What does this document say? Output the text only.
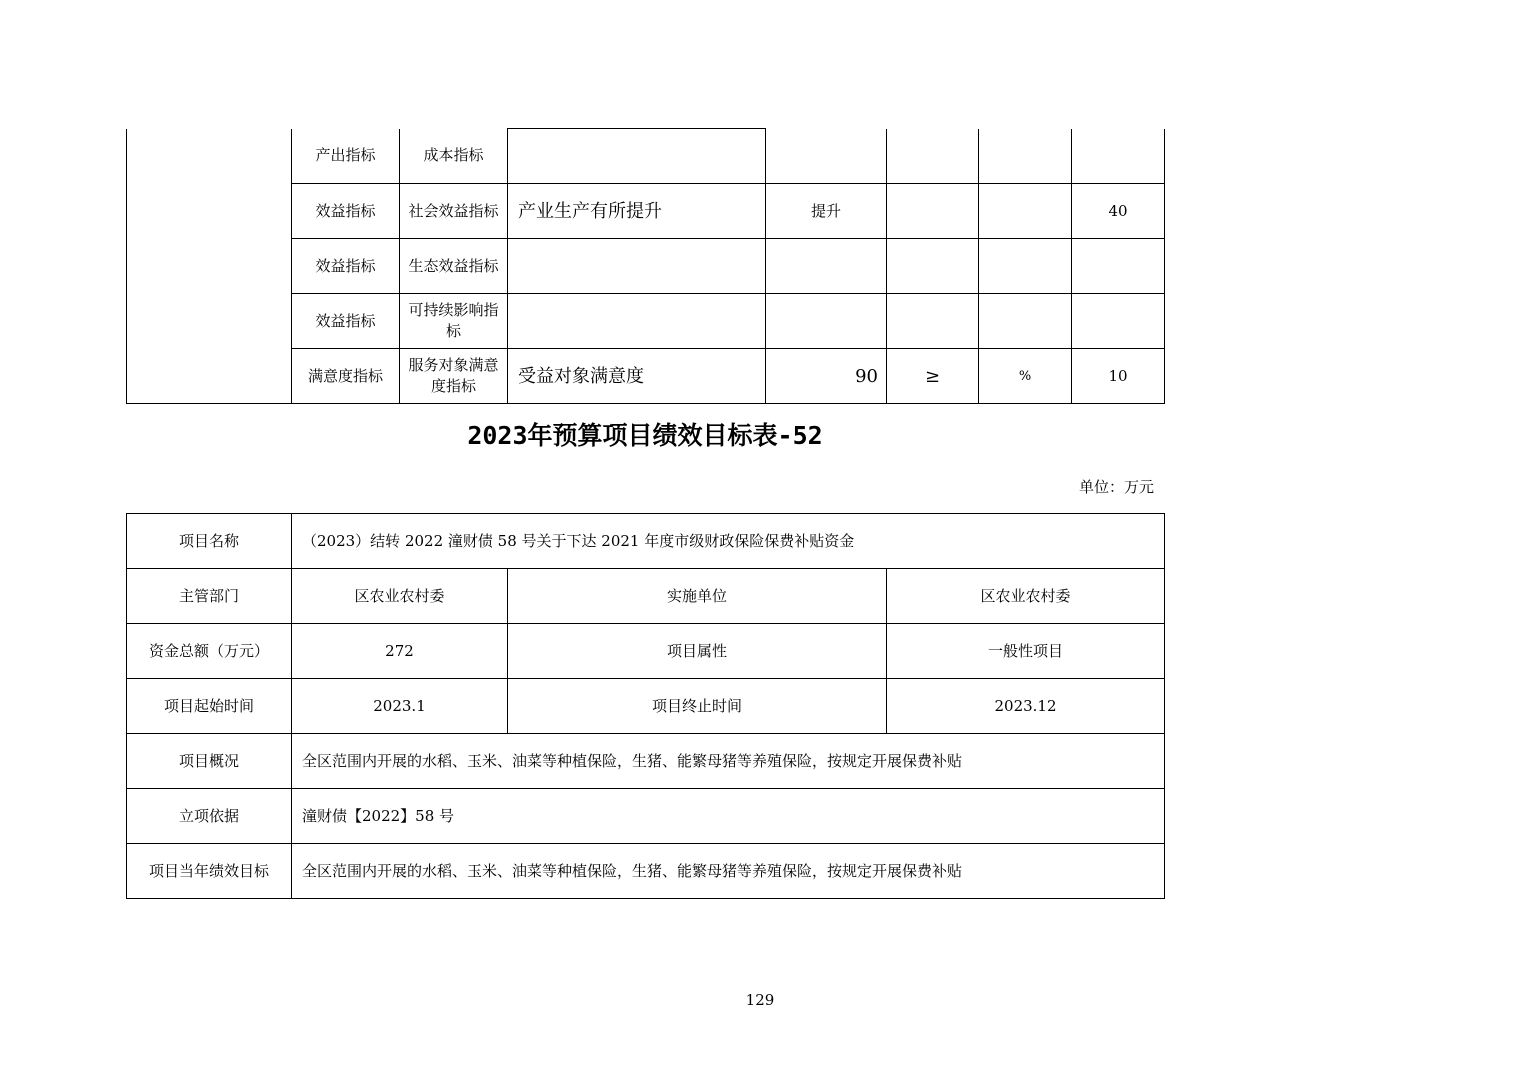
	产出指标	成本指标					
	效益指标	社会效益指标	产业生产有所提升	提升			40
	效益指标	生态效益指标					
	效益指标	可持续影响指标					
	满意度指标	服务对象满意度指标	受益对象满意度	90	≥	%	10
2023年预算项目绩效目标表-52
单位：万元
项目名称	（2023）结转 2022 潼财债 58 号关于下达 2021 年度市级财政保险保费补贴资金		
主管部门	区农业农村委	实施单位	区农业农村委
资金总额（万元）	272	项目属性	一般性项目
项目起始时间	2023.1	项目终止时间	2023.12
项目概况	全区范围内开展的水稻、玉米、油菜等种植保险，生猪、能繁母猪等养殖保险，按规定开展保费补贴		
立项依据	潼财债【2022】58 号		
项目当年绩效目标	全区范围内开展的水稻、玉米、油菜等种植保险，生猪、能繁母猪等养殖保险，按规定开展保费补贴		
129
